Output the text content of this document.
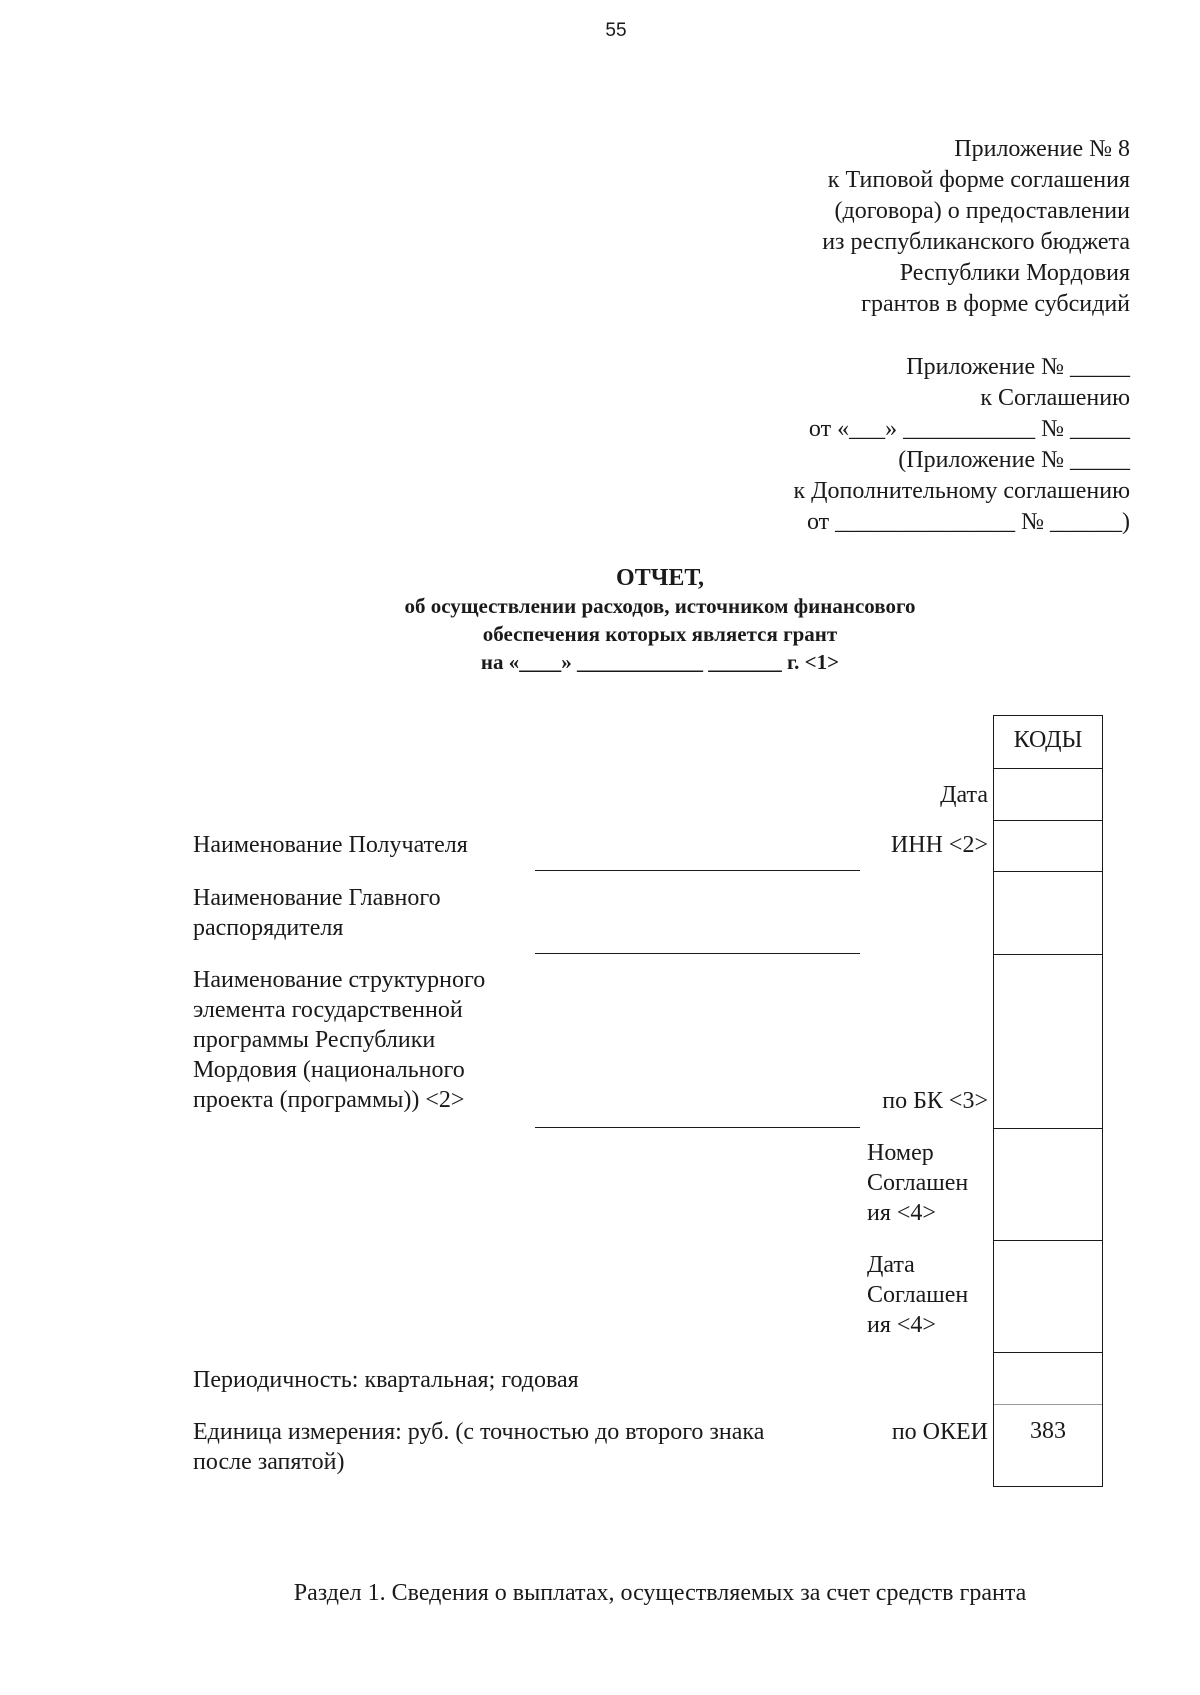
55
Приложение № 8
к Типовой форме соглашения
(договора) о предоставлении
из республиканского бюджета
Республики Мордовия
грантов в форме субсидий
Приложение № _____
к Соглашению
от «___» ___________ № _____
(Приложение № _____
к Дополнительному соглашению
от _______________ № ______)
ОТЧЕТ,
об осуществлении расходов, источником финансового
обеспечения которых является грант
на «____» ____________ _______ г. <1>
КОДЫ
383
Дата
ИНН <2>
по БК <3>
Номер
Соглашен
ия <4>
Дата
Соглашен
ия <4>
по ОКЕИ
Наименование Получателя
Наименование Главного
распорядителя
Наименование структурного
элемента государственной
программы Республики
Мордовия (национального
проекта (программы)) <2>
Периодичность: квартальная; годовая
Единица измерения: руб. (с точностью до второго знака
после запятой)
Раздел 1. Сведения о выплатах, осуществляемых за счет средств гранта
